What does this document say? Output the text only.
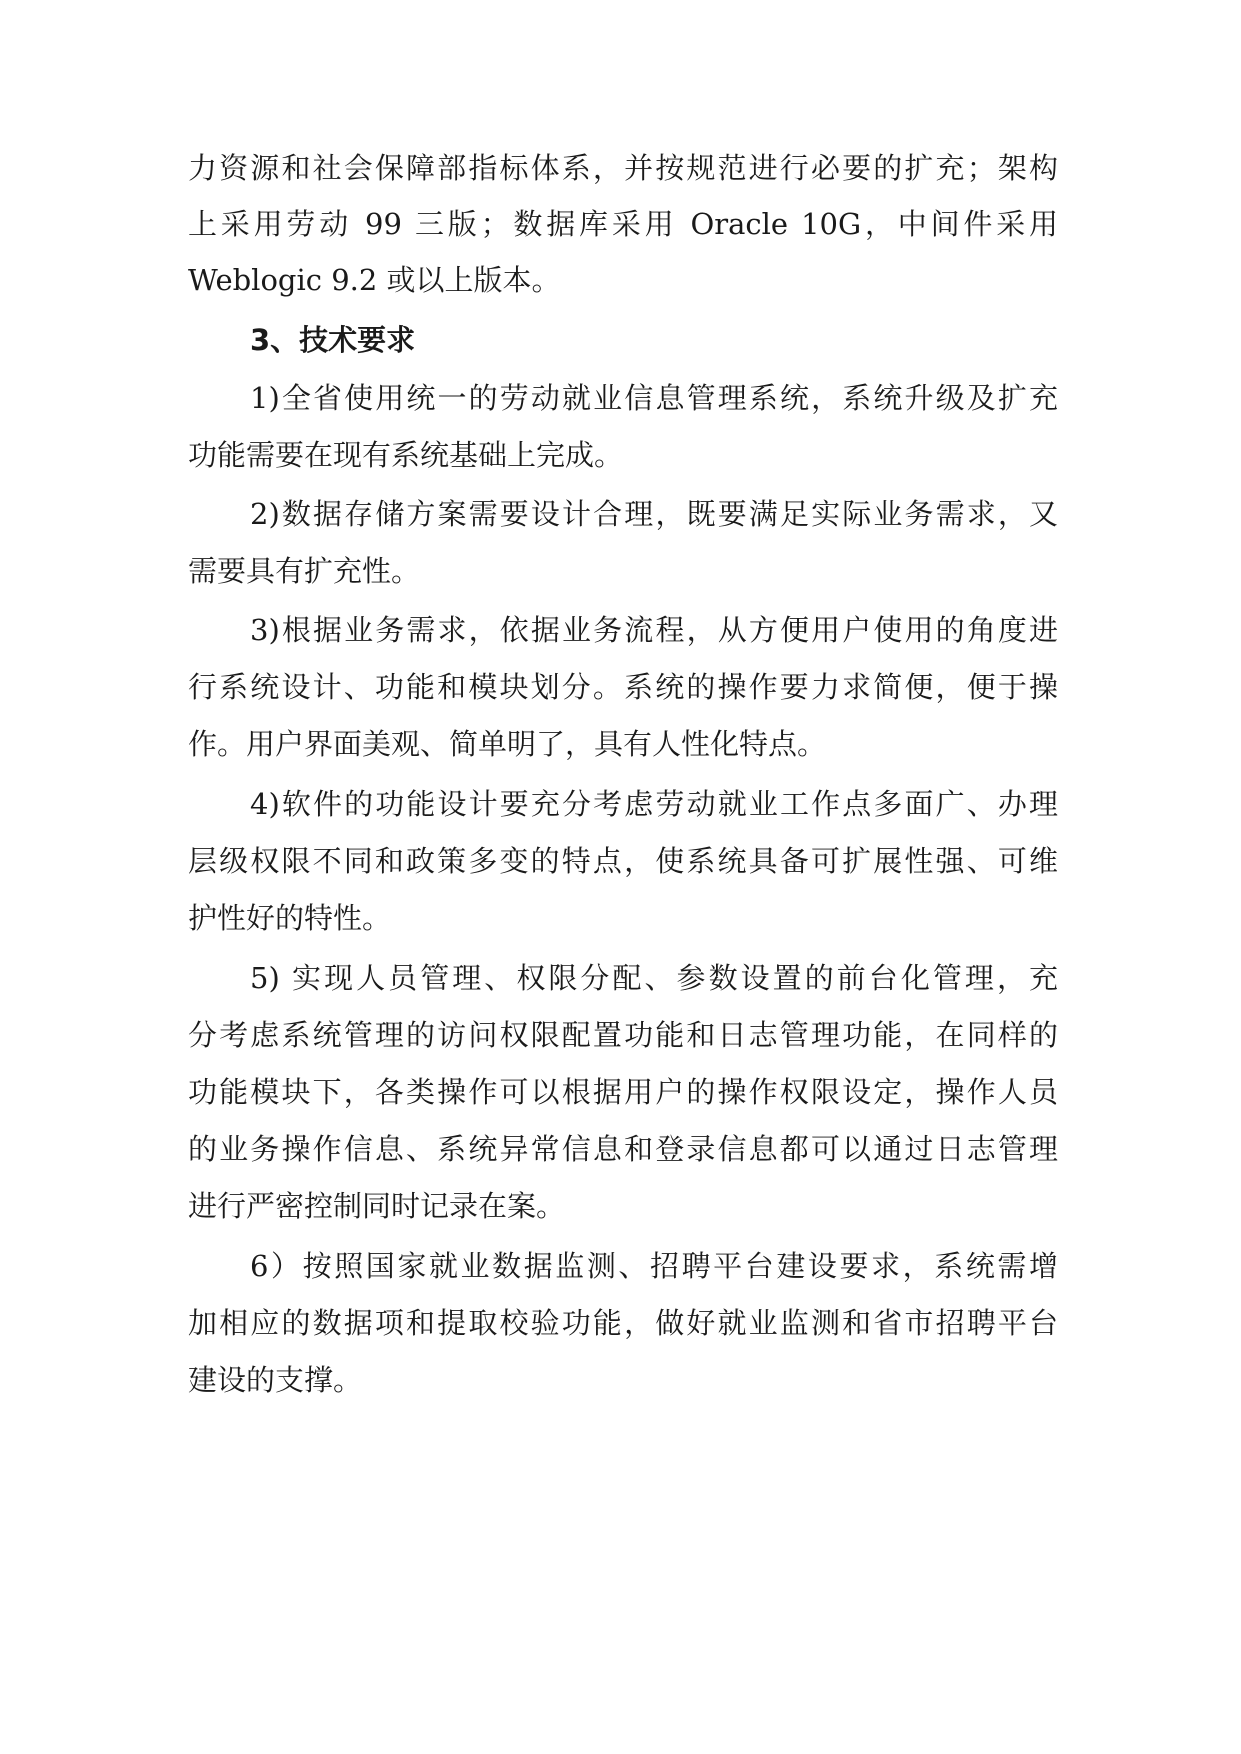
力资源和社会保障部指标体系，并按规范进行必要的扩充；架构
上采用劳动 99 三版；数据库采用 Oracle 10G，中间件采用
Weblogic 9.2 或以上版本。
3、技术要求
1)全省使用统一的劳动就业信息管理系统，系统升级及扩充
功能需要在现有系统基础上完成。
2)数据存储方案需要设计合理，既要满足实际业务需求，又
需要具有扩充性。
3)根据业务需求，依据业务流程，从方便用户使用的角度进
行系统设计、功能和模块划分。系统的操作要力求简便，便于操
作。用户界面美观、简单明了，具有人性化特点。
4)软件的功能设计要充分考虑劳动就业工作点多面广、办理
层级权限不同和政策多变的特点，使系统具备可扩展性强、可维
护性好的特性。
5) 实现人员管理、权限分配、参数设置的前台化管理，充
分考虑系统管理的访问权限配置功能和日志管理功能，在同样的
功能模块下，各类操作可以根据用户的操作权限设定，操作人员
的业务操作信息、系统异常信息和登录信息都可以通过日志管理
进行严密控制同时记录在案。
6）按照国家就业数据监测、招聘平台建设要求，系统需增
加相应的数据项和提取校验功能，做好就业监测和省市招聘平台
建设的支撑。
